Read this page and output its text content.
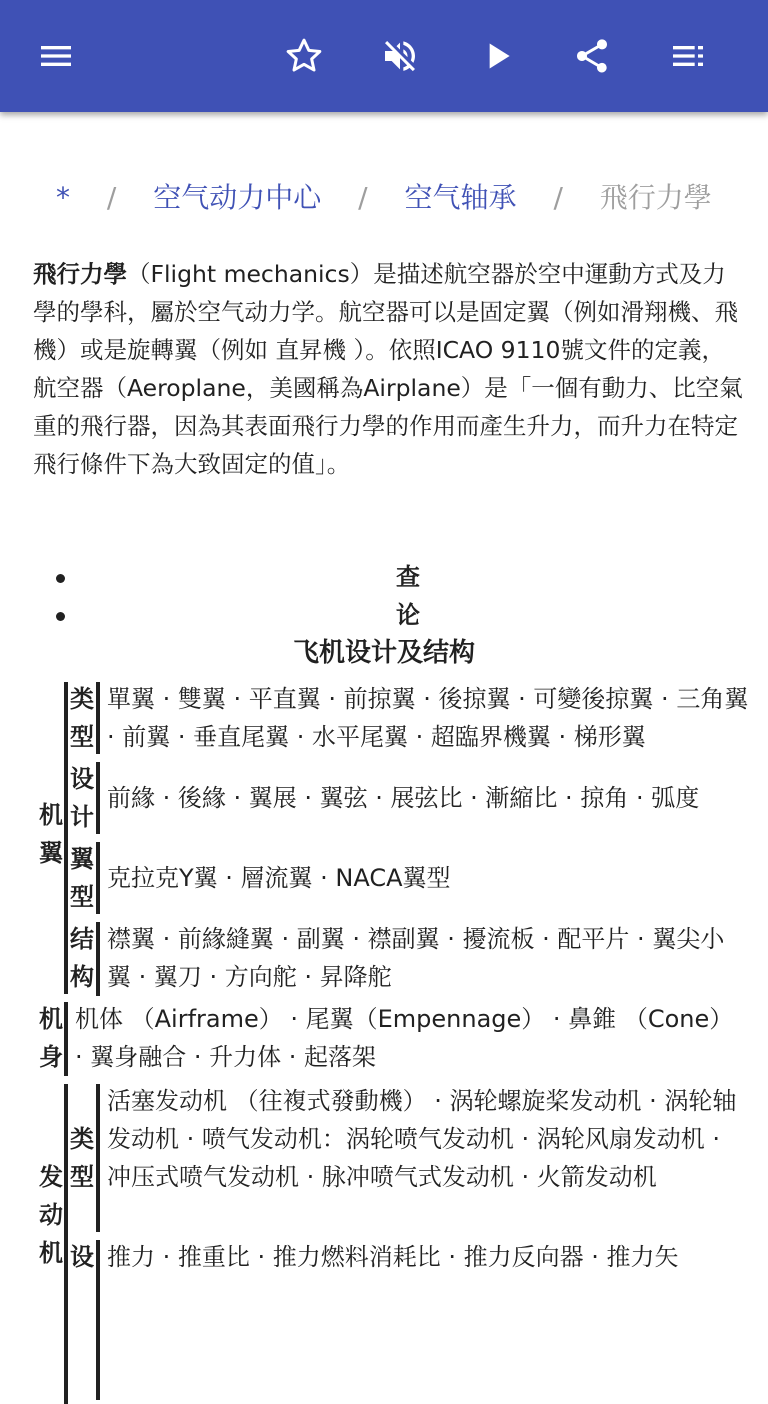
* / 空气动力中心 / 空气轴承 / 飛行力學
飛行力學（Flight mechanics）是描述航空器於空中運動方式及力學的學科，屬於空气动力学。航空器可以是固定翼（例如滑翔機、飛機）或是旋轉翼（例如 直昇機 ）。依照ICAO 9110號文件的定義，航空器（Aeroplane，美國稱為Airplane）是「一個有動力、比空氣重的飛行器，因為其表面飛行力學的作用而產生升力，而升力在特定飛行條件下為大致固定的值」。
查
论
飞机设计及结构
机翼
类型
單翼 · 雙翼 · 平直翼 · 前掠翼 · 後掠翼 · 可變後掠翼 · 三角翼 · 前翼 · 垂直尾翼 · 水平尾翼 · 超臨界機翼 · 梯形翼
设计
前緣 · 後緣 · 翼展 · 翼弦 · 展弦比 · 漸縮比 · 掠角 · 弧度
翼型
克拉克Y翼 · 層流翼 · NACA翼型
结构
襟翼 · 前緣縫翼 · 副翼 · 襟副翼 · 擾流板 · 配平片 · 翼尖小翼 · 翼刀 · 方向舵 · 昇降舵
机身
机体 （Airframe） · 尾翼（Empennage） · 鼻錐 （Cone） · 翼身融合 · 升力体 · 起落架
发动机
类型
活塞发动机 （往複式發動機） · 涡轮螺旋桨发动机 · 涡轮轴发动机 · 喷气发动机：涡轮喷气发动机 · 涡轮风扇发动机 · 冲压式喷气发动机 · 脉冲喷气式发动机 · 火箭发动机
设 推力 · 推重比 · 推力燃料消耗比 · 推力反向器 · 推力矢
